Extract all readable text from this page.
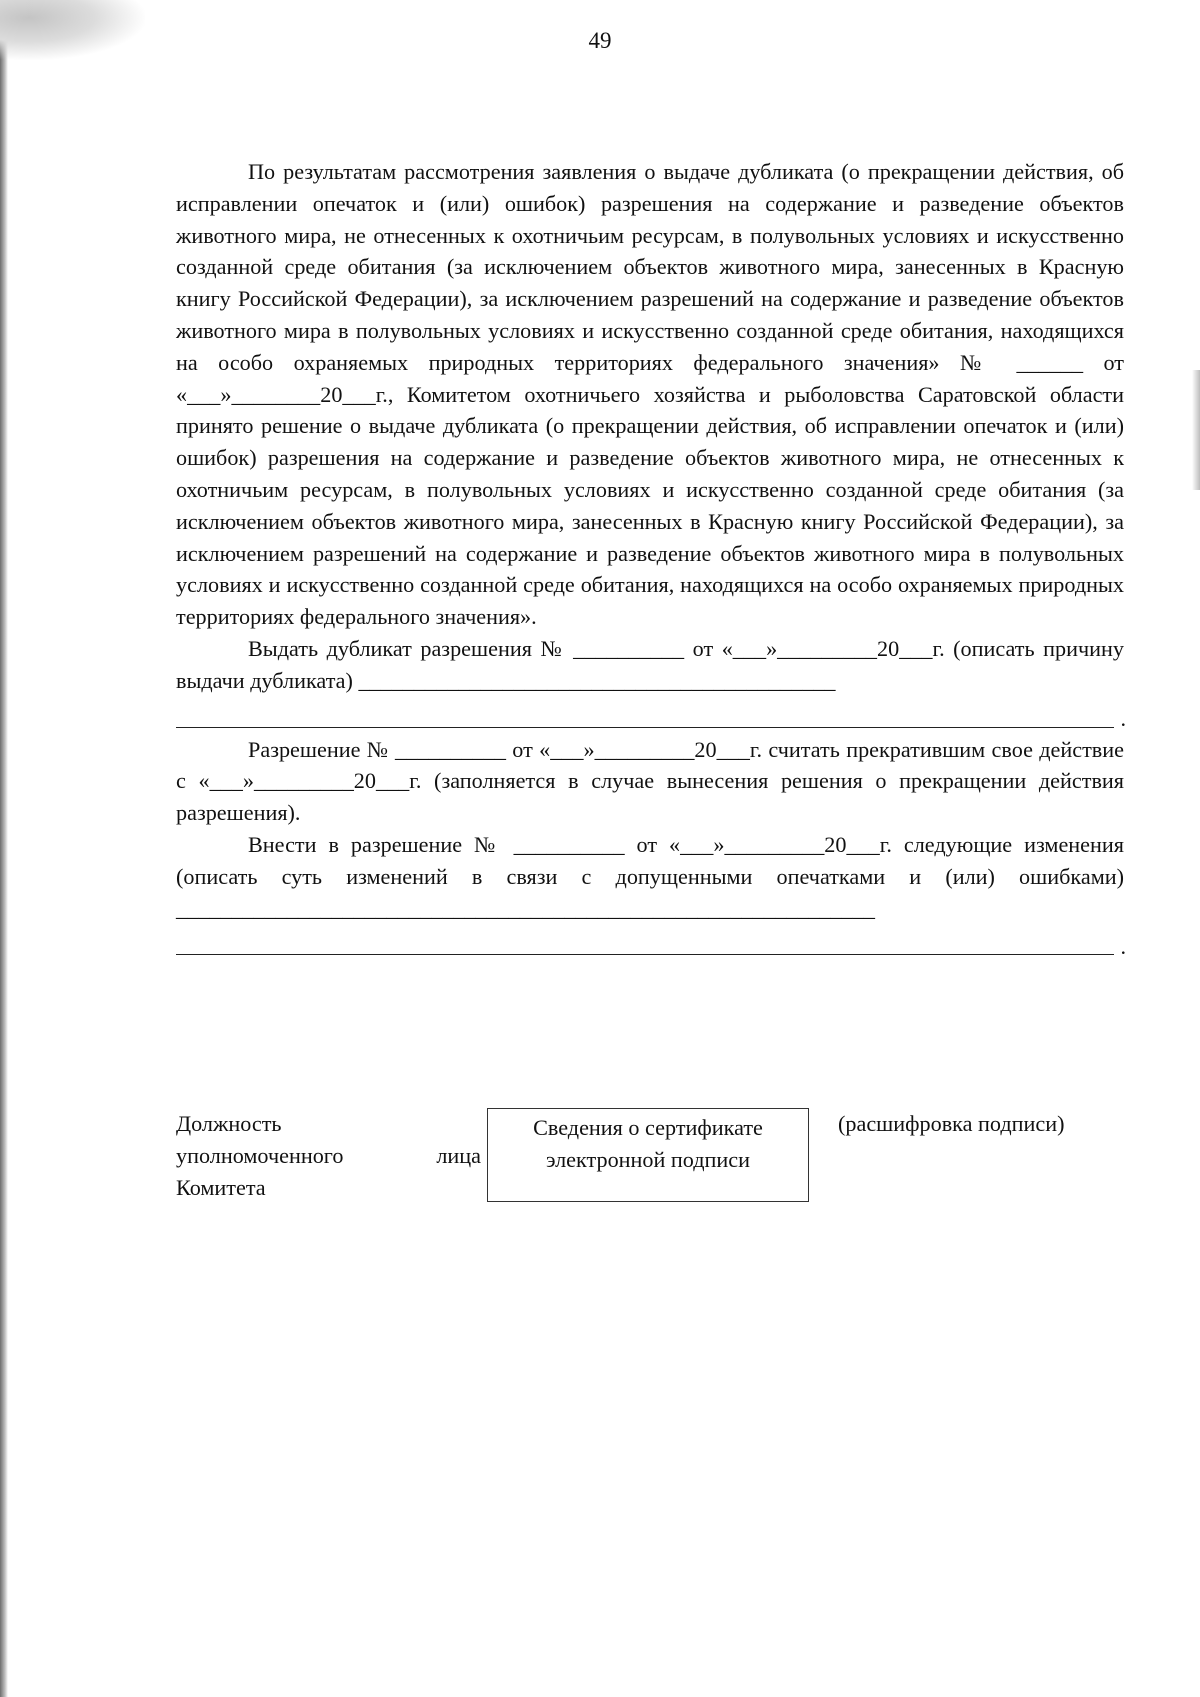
49

По результатам рассмотрения заявления о выдаче дубликата (о прекращении действия, об исправлении опечаток и (или) ошибок) разрешения на содержание и разведение объектов животного мира, не отнесенных к охотничьим ресурсам, в полувольных условиях и искусственно созданной среде обитания (за исключением объектов животного мира, занесенных в Красную книгу Российской Федерации), за исключением разрешений на содержание и разведение объектов животного мира в полувольных условиях и искусственно созданной среде обитания, находящихся на особо охраняемых природных территориях федерального значения» № ______ от «___»________20___г., Комитетом охотничьего хозяйства и рыболовства Саратовской области принято решение о выдаче дубликата (о прекращении действия, об исправлении опечаток и (или) ошибок) разрешения на содержание и разведение объектов животного мира, не отнесенных к охотничьим ресурсам, в полувольных условиях и искусственно созданной среде обитания (за исключением объектов животного мира, занесенных в Красную книгу Российской Федерации), за исключением разрешений на содержание и разведение объектов животного мира в полувольных условиях и искусственно созданной среде обитания, находящихся на особо охраняемых природных территориях федерального значения».

Выдать дубликат разрешения № __________ от «___»_________20___г. (описать причину выдачи дубликата) ___________________________________________

.

Разрешение № __________ от «___»_________20___г. считать прекратившим свое действие с «___»_________20___г. (заполняется в случае вынесения решения о прекращении действия разрешения).

Внести в разрешение № __________ от «___»_________20___г. следующие изменения (описать суть изменений в связи с допущенными опечатками и (или) ошибками) _______________________________________________________________

.
Должность
уполномоченного	лица
Комитета
Сведения о сертификате
электронной подписи
(расшифровка подписи)
